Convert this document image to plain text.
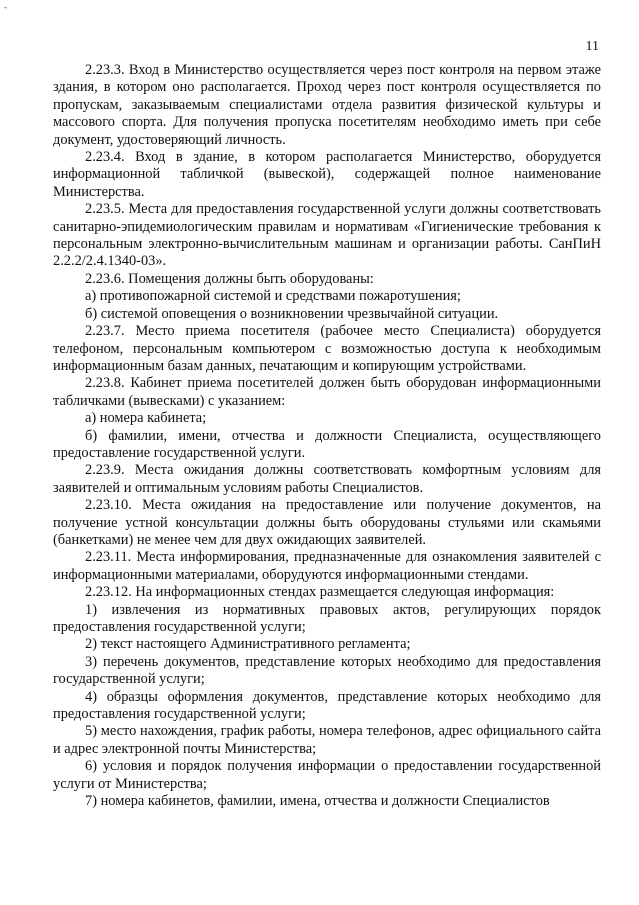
-
11

2.23.3. Вход в Министерство осуществляется через пост контроля на первом этаже здания, в котором оно располагается. Проход через пост контроля осуществляется по пропускам, заказываемым специалистами отдела развития физической культуры и массового спорта. Для получения пропуска посетителям необходимо иметь при себе документ, удостоверяющий личность.

2.23.4. Вход в здание, в котором располагается Министерство, оборудуется информационной табличкой (вывеской), содержащей полное наименование Министерства.

2.23.5. Места для предоставления государственной услуги должны соответствовать санитарно-эпидемиологическим правилам и нормативам «Гигиенические требования к персональным электронно-вычислительным машинам и организации работы. СанПиН 2.2.2/2.4.1340-03».

2.23.6. Помещения должны быть оборудованы:

а) противопожарной системой и средствами пожаротушения;

б) системой оповещения о возникновении чрезвычайной ситуации.

2.23.7. Место приема посетителя (рабочее место Специалиста) оборудуется телефоном, персональным компьютером с возможностью доступа к необходимым информационным базам данных, печатающим и копирующим устройствами.

2.23.8. Кабинет приема посетителей должен быть оборудован информационными табличками (вывесками) с указанием:

а) номера кабинета;

б) фамилии, имени, отчества и должности Специалиста, осуществляющего предоставление государственной услуги.

2.23.9. Места ожидания должны соответствовать комфортным условиям для заявителей и оптимальным условиям работы Специалистов.

2.23.10. Места ожидания на предоставление или получение документов, на получение устной консультации должны быть оборудованы стульями или скамьями (банкетками) не менее чем для двух ожидающих заявителей.

2.23.11. Места информирования, предназначенные для ознакомления заявителей с информационными материалами, оборудуются информационными стендами.

2.23.12. На информационных стендах размещается следующая информация:

1) извлечения из нормативных правовых актов, регулирующих порядок предоставления государственной услуги;

2) текст настоящего Административного регламента;

3) перечень документов, представление которых необходимо для предоставления государственной услуги;

4) образцы оформления документов, представление которых необходимо для предоставления государственной услуги;

5) место нахождения, график работы, номера телефонов, адрес официального сайта и адрес электронной почты Министерства;

6) условия и порядок получения информации о предоставлении государственной услуги от Министерства;

7) номера кабинетов, фамилии, имена, отчества и должности Специалистов
